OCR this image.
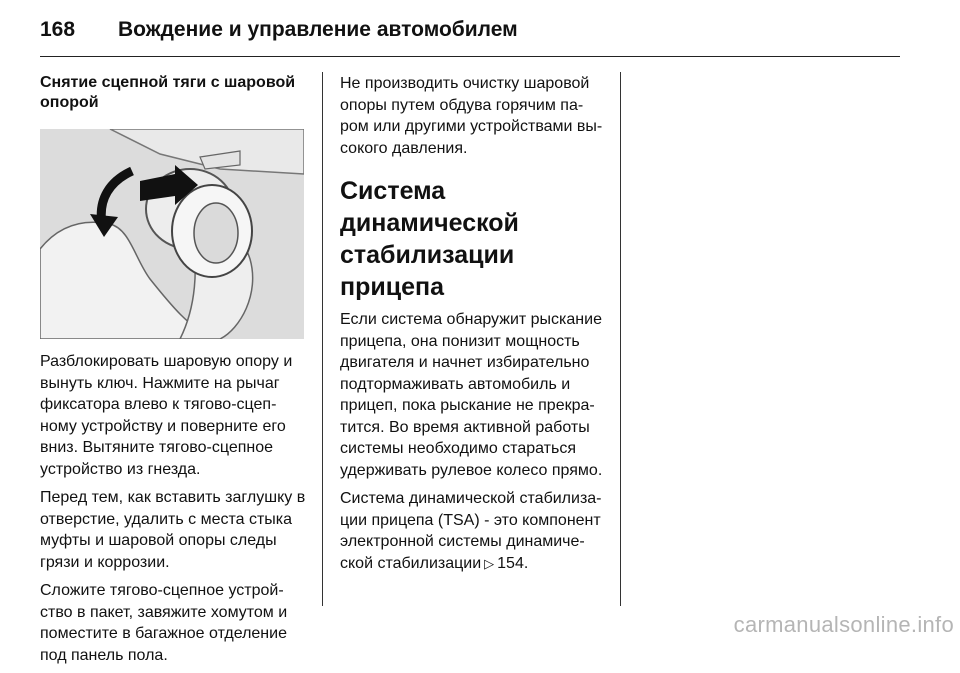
168	Вождение и управление автомобилем
Снятие сцепной тяги с шаровой опорой

Разблокировать шаровую опору и вынуть ключ. Нажмите на рычаг фиксатора влево к тягово-сцеп-ному устройству и поверните его вниз. Вытяните тягово-сцепное устройство из гнезда.

Перед тем, как вставить заглушку в отверстие, удалить с места стыка муфты и шаровой опоры следы грязи и коррозии.

Сложите тягово-сцепное устрой-ство в пакет, завяжите хомутом и поместите в багажное отделение под панель пола.

Не производить очистку шаровой опоры путем обдува горячим па-ром или другими устройствами вы-сокого давления.

Система динамической стабилизации прицепа

Если система обнаружит рыскание прицепа, она понизит мощность двигателя и начнет избирательно подтормаживать автомобиль и прицеп, пока рыскание не прекра-тится. Во время активной работы системы необходимо стараться удерживать рулевое колесо прямо.

Система динамической стабилиза-ции прицепа (TSA) - это компонент электронной системы динамиче-ской стабилизации ▷ 154.

carmanualsonline.info
